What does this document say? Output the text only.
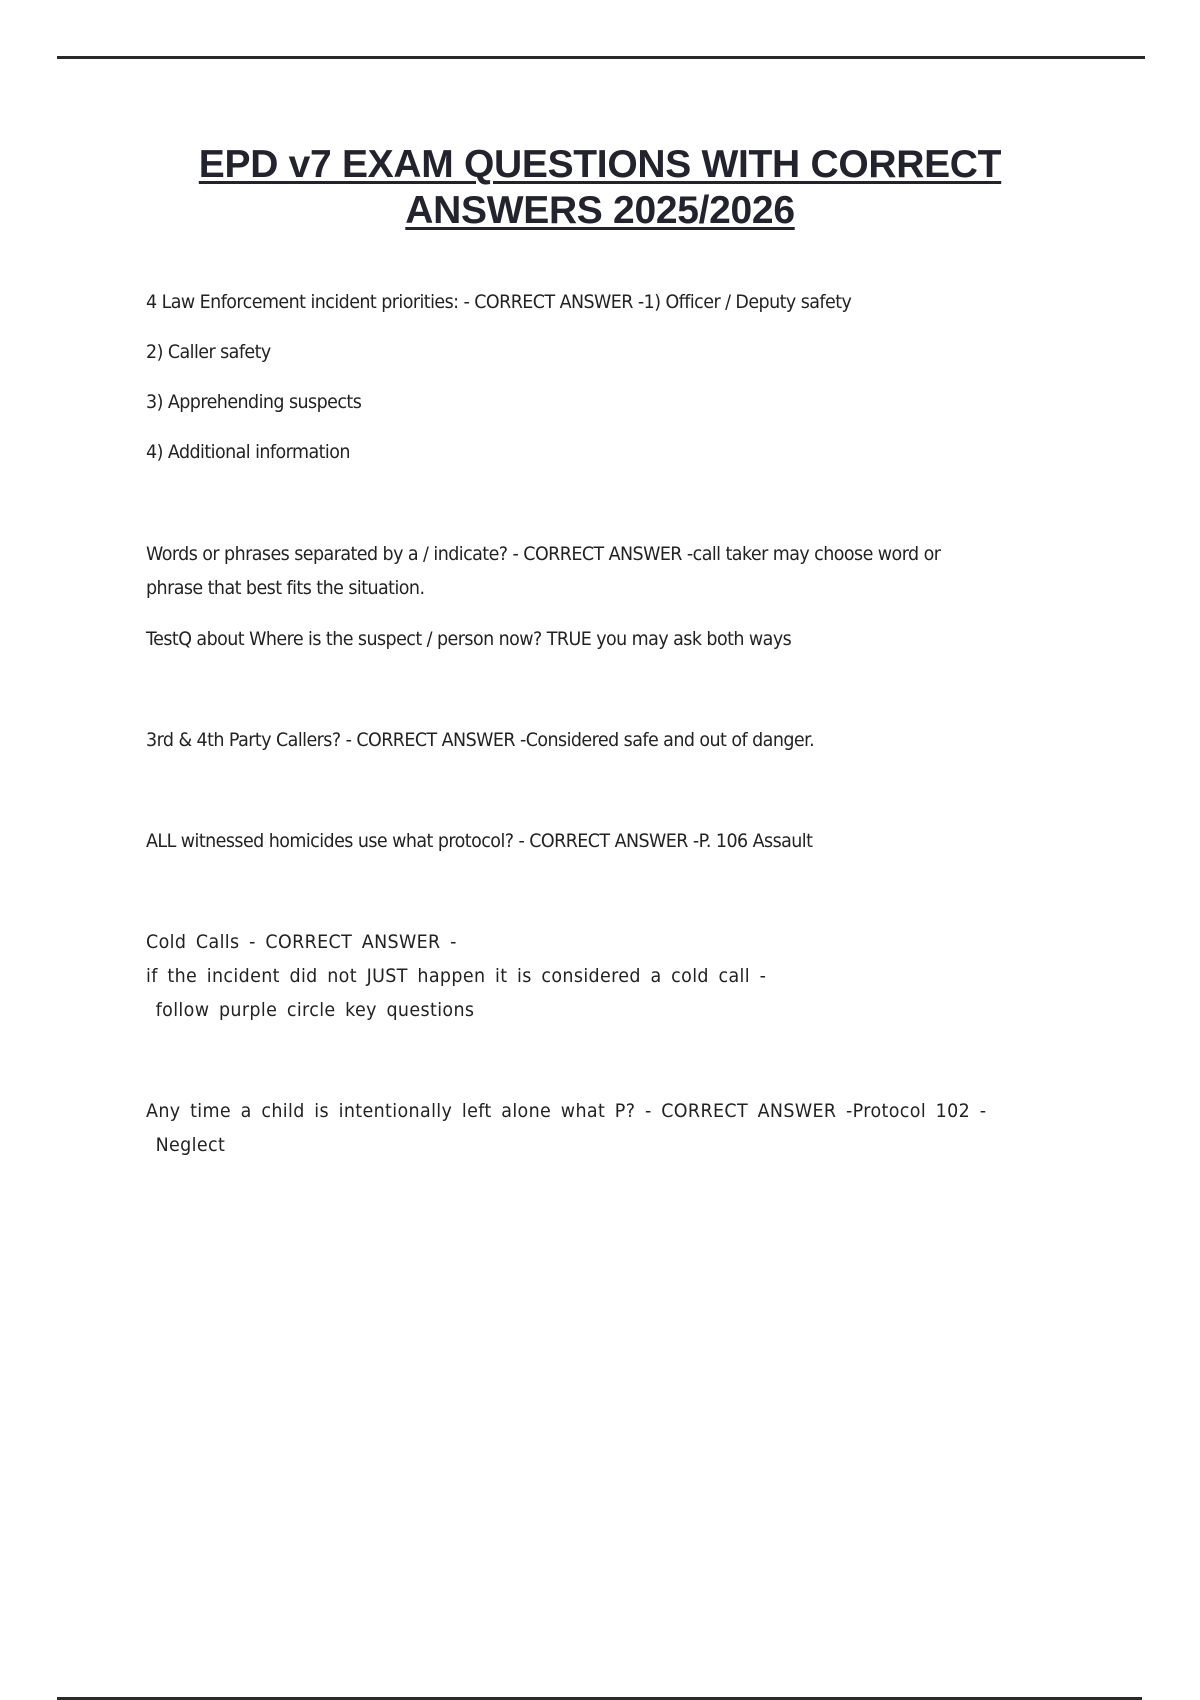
EPD v7 EXAM QUESTIONS WITH CORRECT
ANSWERS 2025/2026
4 Law Enforcement incident priorities: - CORRECT ANSWER -1) Officer / Deputy safety
2) Caller safety
3) Apprehending suspects
4) Additional information
Words or phrases separated by a / indicate? - CORRECT ANSWER -call taker may choose word or
phrase that best fits the situation.
TestQ about Where is the suspect / person now? TRUE you may ask both ways
3rd & 4th Party Callers? - CORRECT ANSWER -Considered safe and out of danger.
ALL witnessed homicides use what protocol? - CORRECT ANSWER -P. 106 Assault
Cold Calls - CORRECT ANSWER -
if the incident did not JUST happen it is considered a cold call -
follow purple circle key questions
Any time a child is intentionally left alone what P? - CORRECT ANSWER -Protocol 102 -
Neglect
